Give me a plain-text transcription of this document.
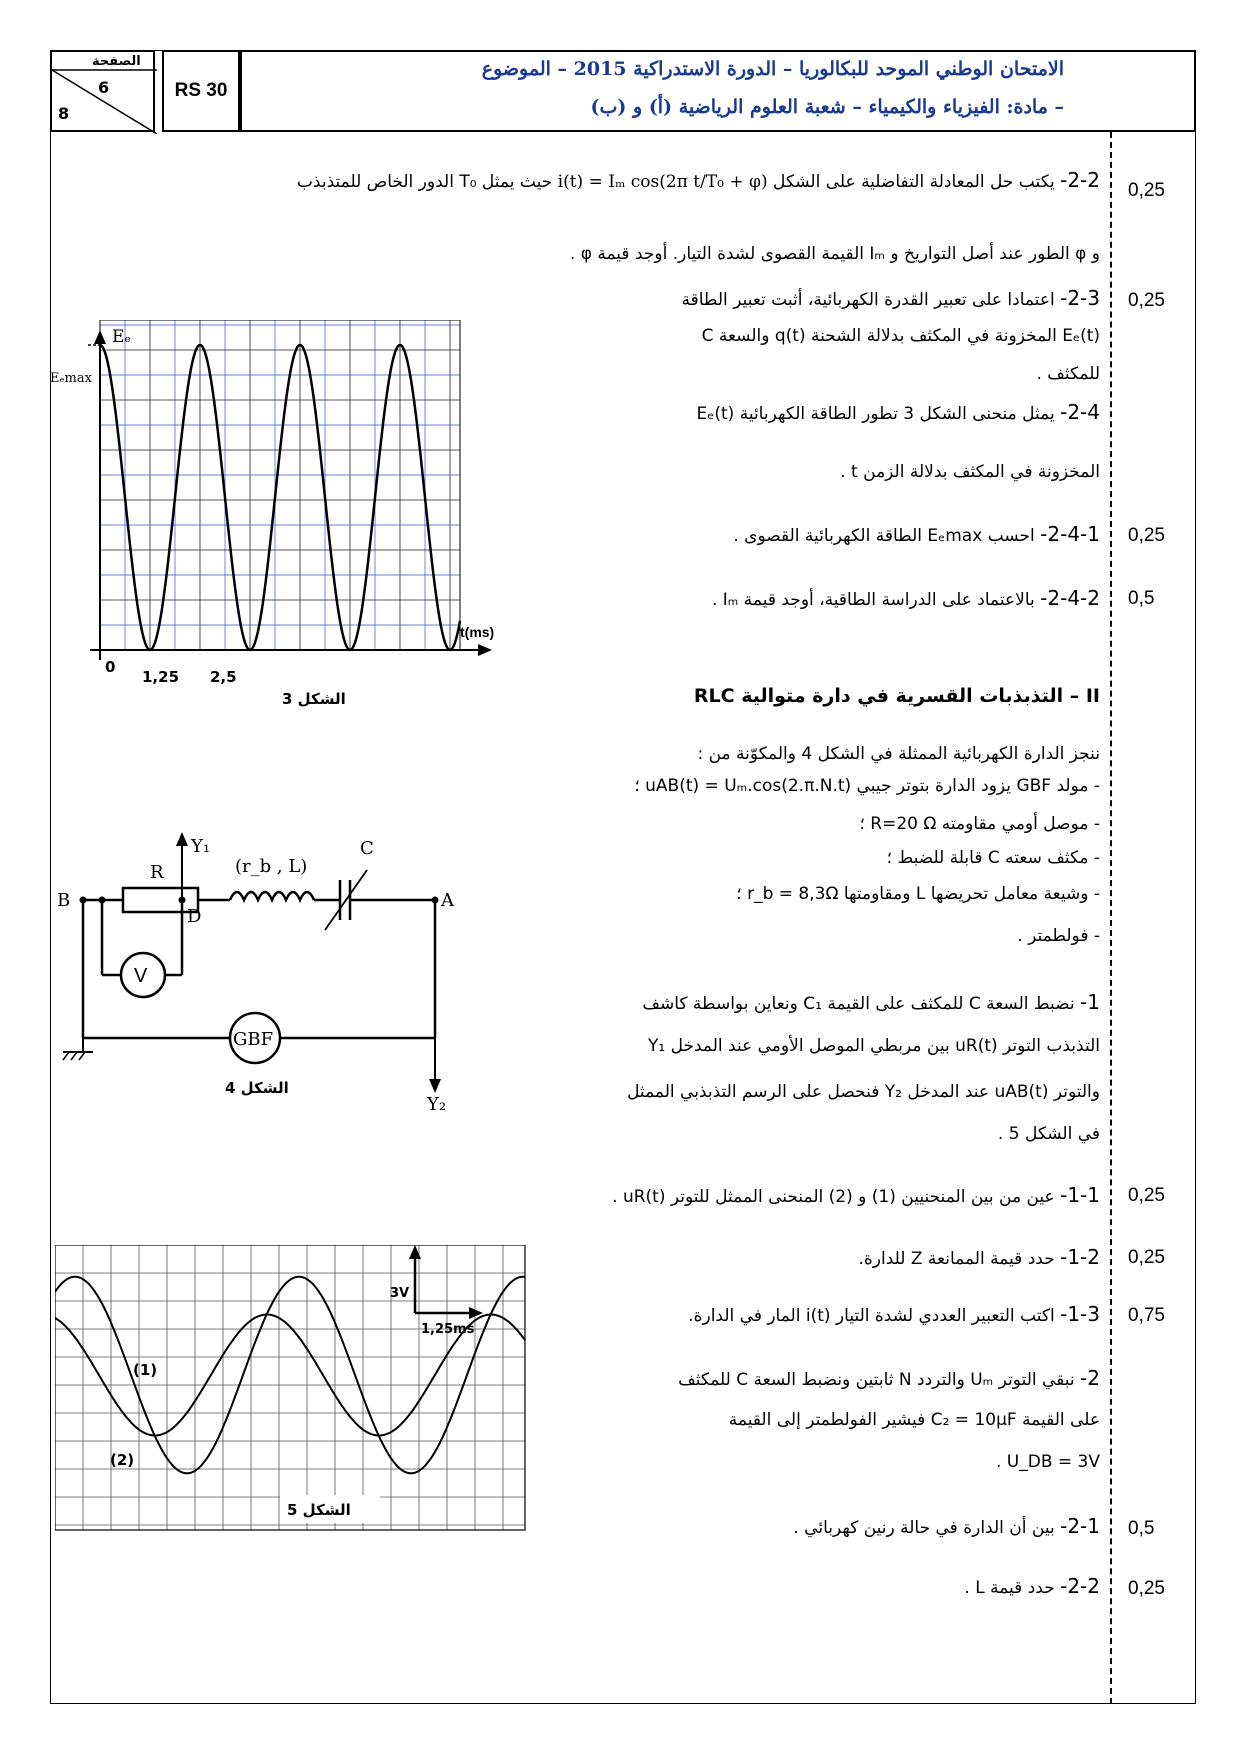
الصفحة
6
8
RS 30
الامتحان الوطني الموحد للبكالوريا – الدورة الاستدراكية 2015 – الموضوع
– مادة: الفيزياء والكيمياء – شعبة العلوم الرياضية (أ) و (ب)
0,25
0,25
0,25
0,5
0,25
0,25
0,75
0,5
0,25
2-2- يكتب حل المعادلة التفاضلية على الشكل i(t) = Iₘ cos(2π t/T₀ + φ) حيث يمثل T₀ الدور الخاص للمتذبذب
و φ الطور عند أصل التواريخ و Iₘ القيمة القصوى لشدة التيار. أوجد قيمة φ .
2-3- اعتمادا على تعبير القدرة الكهربائية، أثبت تعبير الطاقة
Eₑ(t) المخزونة في المكثف بدلالة الشحنة q(t) والسعة C
للمكثف .
2-4- يمثل منحنى الشكل 3 تطور الطاقة الكهربائية Eₑ(t)
المخزونة في المكثف بدلالة الزمن t .
2-4-1- احسب Eₑmax الطاقة الكهربائية القصوى .
2-4-2- بالاعتماد على الدراسة الطاقية، أوجد قيمة Iₘ .
II – التذبذبات القسرية في دارة متوالية RLC
ننجز الدارة الكهربائية الممثلة في الشكل 4 والمكوّنة من :
- مولد GBF يزود الدارة بتوتر جيبي uAB(t) = Uₘ.cos(2.π.N.t) ؛
- موصل أومي مقاومته R=20 Ω ؛
- مكثف سعته C قابلة للضبط ؛
- وشيعة معامل تحريضها L ومقاومتها r_b = 8,3Ω ؛
- فولطمتر .
1- نضبط السعة C للمكثف على القيمة C₁ ونعاين بواسطة كاشف
التذبذب التوتر uR(t) بين مربطي الموصل الأومي عند المدخل Y₁
والتوتر uAB(t) عند المدخل Y₂ فنحصل على الرسم التذبذبي الممثل
في الشكل 5 .
1-1- عين من بين المنحنيين (1) و (2) المنحنى الممثل للتوتر uR(t) .
1-2- حدد قيمة الممانعة Z للدارة.
1-3- اكتب التعبير العددي لشدة التيار i(t) المار في الدارة.
2- نبقي التوتر Uₘ والتردد N ثابتين ونضبط السعة C للمكثف
على القيمة C₂ = 10μF فيشير الفولطمتر إلى القيمة
U_DB = 3V .
2-1- بين أن الدارة في حالة رنين كهربائي .
2-2- حدد قيمة L .
Eₑ
Eₑmax
t(ms)
0
1,25 2,5
الشكل 3
R	(r_b , L)
C
A
B
D
Y₁
Y₂
V
GBF
الشكل 4
3V
1,25ms
(1)
(2)
الشكل 5
